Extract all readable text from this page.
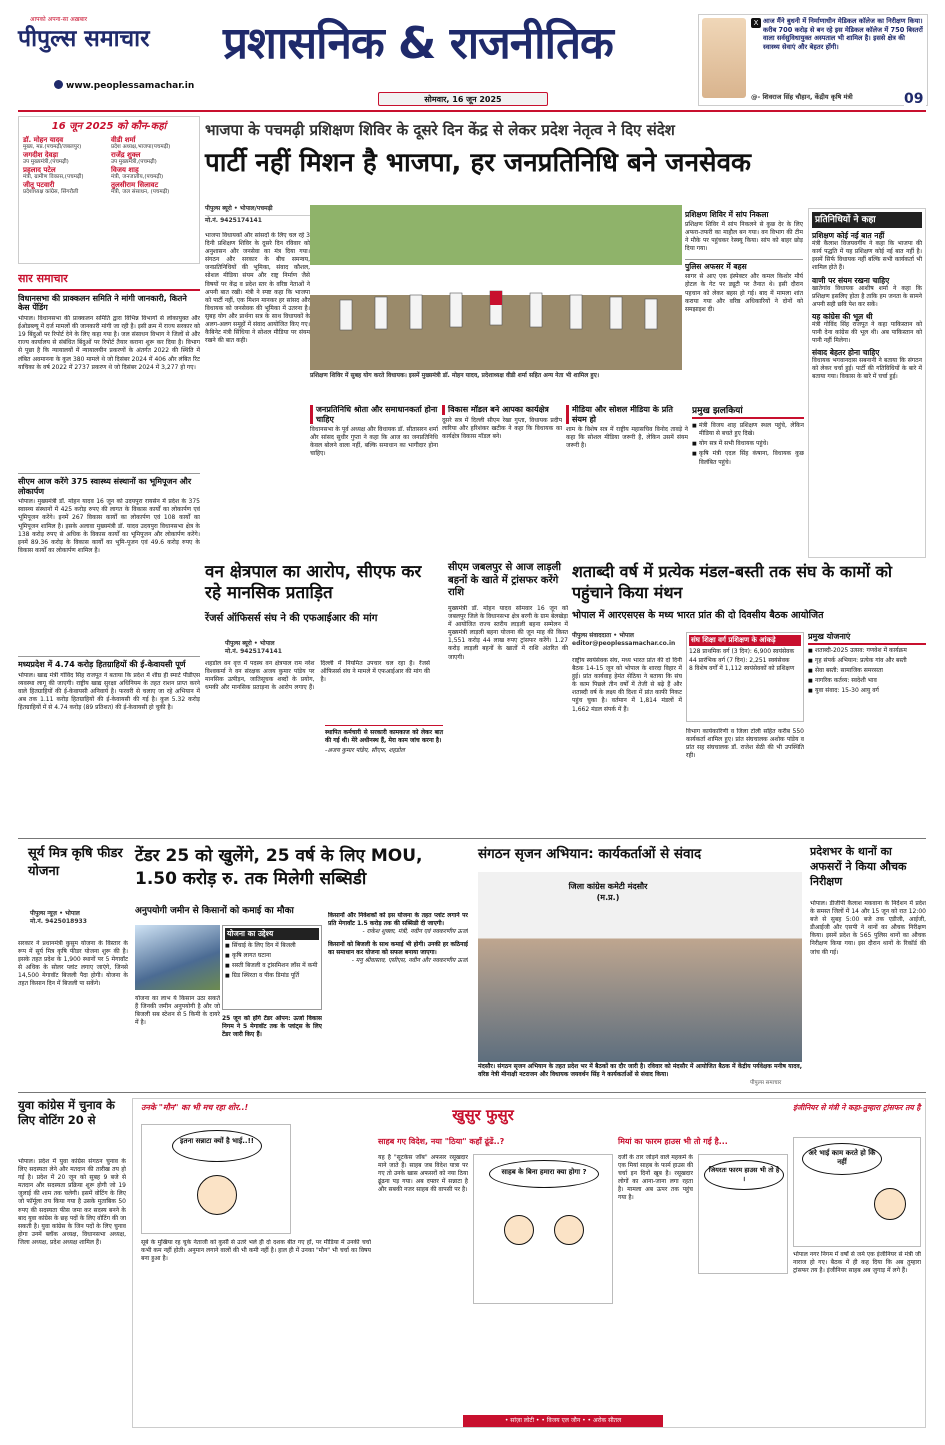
आपको अपना-सा अख़बार
पीपुल्स समाचार
www.peoplessamachar.in
प्रशासनिक & राजनीतिक
सोमवार, 16 जून 2025
X आज मैंने बुधनी में निर्माणाधीन मेडिकल कॉलेज का निरीक्षण किया। करीब 700 करोड़ से बन रहे इस मेडिकल कॉलेज में 750 बिस्तरों वाला सर्वसुविधायुक्त अस्पताल भी शामिल है। इससे क्षेत्र की स्वास्थ्य सेवाएं और बेहतर होंगी।
@- शिवराज सिंह चौहान, केंद्रीय कृषि मंत्री	09
16 जून 2025 को कौन-कहां
डॉ. मोहन यादव
मुख्य, मप्र.(पचमढ़ी/जबलपुर)
वीडी शर्मा
प्रदेश अध्यक्ष,भाजपा(पचमढ़ी)
जगदीश देवड़ा
उप मुख्यमंत्री,(पचमढ़ी)
राजेंद्र शुक्ल
उप मुख्यमंत्री,(पचमढ़ी)
प्रहलाद पटेल
मंत्री, ग्रामीण विकास,(पचमढ़ी)
विजय शाह
मंत्री, जनजातीय,(पचमढ़ी)
जीतू पटवारी
प्रदेशाध्यक्ष कांग्रेस, सिंगरौली
तुलसीराम सिलावट
मंत्री, जल संसाधन, (पचमढ़ी)
सार समाचार
विधानसभा की प्राक्कलन समिति ने मांगी जानकारी, कितने केस पेंडिंग
भोपाल। विधानसभा की प्राक्कलन समिति द्वारा विभिन्न विभागों से लोकायुक्त और ईओडब्ल्यू में दर्ज मामलों की जानकारी मांगी जा रही है। इसी क्रम में राज्य सरकार को 19 बिंदुओं पर रिपोर्ट देने के लिए कहा गया है। जल संसाधन विभाग ने जिलों से और राज्य कार्यालय से संबंधित बिंदुओं पर रिपोर्ट तैयार कराना शुरू कर दिया है। विभाग से पूछा है कि न्यायालयों में न्यायालयीन प्रकरणों के अंतर्गत 2022 की स्थिति में लंबित अवमानना के कुल 380 मामले थे जो दिसंबर 2024 में 406 और लंबित रिट याचिका के वर्ष 2022 में 2737 प्रकरण थे जो दिसंबर 2024 में 3,277 हो गए।
सीएम आज करेंगे 375 स्वास्थ्य संस्थानों का भूमिपूजन और लोकार्पण
भोपाल। मुख्यमंत्री डॉ. मोहन यादव 16 जून को उदयपुरा रायसेन में प्रदेश के 375 स्वास्थ्य संस्थानों में 425 करोड़ रुपए की लागत के विकास कार्यों का लोकार्पण एवं भूमिपूजन करेंगे। इनमें 267 विकास कार्यों का लोकार्पण एवं 108 कार्यों का भूमिपूजन शामिल है। इसके अलावा मुख्यमंत्री डॉ. यादव उदयपुरा विधानसभा क्षेत्र के 138 करोड़ रुपए से अधिक के विकास कार्यों का भूमिपूजन और लोकार्पण करेंगे। इनमें 89.36 करोड़ के विकास कार्यों का भूमि-पूजन एवं 49.6 करोड़ रुपए के विकास कार्यों का लोकार्पण शामिल है।
मध्यप्रदेश में 4.74 करोड़ हितग्राहियों की ई-केवायसी पूर्ण
भोपाल। खाद्य मंत्री गोविंद सिंह राजपूत ने बताया कि प्रदेश में शीघ्र ही स्मार्ट पीडीएस व्यवस्था लागू की जाएगी। राष्ट्रीय खाद्य सुरक्षा अधिनियम के तहत राशन प्राप्त करने वाले हितग्राहियों की ई-केवायसी अनिवार्य है। फरवरी से चलाए जा रहे अभियान में अब तक 1.11 करोड़ हितग्राहियों की ई-केवायसी की गई है। कुल 5.32 करोड़ हितग्राहियों में से 4.74 करोड़ (89 प्रतिशत) की ई-केवायसी हो चुकी है।
भाजपा के पचमढ़ी प्रशिक्षण शिविर के दूसरे दिन केंद्र से लेकर प्रदेश नेतृत्व ने दिए संदेश
पार्टी नहीं मिशन है भाजपा, हर जनप्रतिनिधि बने जनसेवक
पीपुल्स ब्यूरो • भोपाल/पचमढ़ी
मो.नं. 9425174141
भाजपा विधायकों और सांसदों के लिए चल रहे 3 दिनी प्रशिक्षण शिविर के दूसरे दिन रविवार को अनुशासन और जनसेवा का मंत्र दिया गया। संगठन और सरकार के बीच समन्वय, जनप्रतिनिधियों की भूमिका, संवाद कौशल, सोशल मीडिया संयम और राष्ट्र निर्माण जैसे विषयों पर केंद्र व प्रदेश स्तर के वरिष्ठ नेताओं ने अपनी बात रखी। मंत्री ने स्पष्ट कहा कि भाजपा को पार्टी नहीं, एक मिशन मानकर हर सांसद और विधायक को जनसेवक की भूमिका में उतरना है। सुबह योग और प्रार्थना सत्र के साथ विधायकों के अलग-अलग समूहों में संवाद आयोजित किए गए। कैबिनेट मंत्री सिंधिया ने सोशल मीडिया पर संयम रखने की बात कही।
प्रशिक्षण शिविर में सुबह योग करते विधायक। इसमें मुख्यमंत्री डॉ. मोहन यादव, प्रदेशाध्यक्ष वीडी शर्मा सहित अन्य नेता भी शामिल हुए।
प्रशिक्षण शिविर में सांप निकला
प्रशिक्षण शिविर में सांप निकलने से कुछ देर के लिए अफरा-तफरी का माहौल बन गया। वन विभाग की टीम ने मौके पर पहुंचकर रेस्क्यू किया। सांप को बाहर छोड़ दिया गया।
पुलिस अफसर में बहस
सागर से आए एक इंस्पेक्टर और कमल किशोर मौर्य होटल के गेट पर ड्यूटी पर तैनात थे। इसी दौरान पहचान को लेकर बहस हो गई। बाद में मामला शांत कराया गया और वरिष्ठ अधिकारियों ने दोनों को समझाइश दी।
प्रतिनिधियों ने कहा
प्रशिक्षण कोई नई बात नहीं
मंत्री कैलाश विजयवर्गीय ने कहा कि भाजपा की कार्य पद्धति में यह प्रशिक्षण कोई नई बात नहीं है। इसमें सिर्फ विधायक नहीं बल्कि सभी कार्यकर्ता भी शामिल होते हैं।
वाणी पर संयम रखना चाहिए
खातेगांव विधायक आशीष शर्मा ने कहा कि प्रशिक्षण इसलिए होता है ताकि हम जनता के सामने अपनी सही छवि पेश कर सकें।
यह कांग्रेस की भूल थी
मंत्री गोविंद सिंह राजपूत ने कहा पाकिस्तान को पानी देना कांग्रेस की भूल थी। अब पाकिस्तान को पानी नहीं मिलेगा।
संवाद बेहतर होना चाहिए
विधायक भगवानदास सबनानी ने बताया कि संगठन को लेकर चर्चा हुई। पार्टी की गतिविधियों के बारे में बताया गया। विकास के बारे में चर्चा हुई।
जनप्रतिनिधि श्रोता और समाधानकर्ता होना चाहिए
विधानसभा के पूर्व अध्यक्ष और विधायक डॉ. सीतासरन शर्मा और सांसद सुधीर गुप्ता ने कहा कि आज का जनप्रतिनिधि केवल बोलने वाला नहीं, बल्कि समाधान का भागीदार होना चाहिए।
विकास मॉडल बने आपका कार्यक्षेत्र
दूसरे सत्र में दिल्ली सीएम रेखा गुप्ता, विधायक प्रदीप लारिया और हरिशंकर खटीक ने कहा कि विधायक का कार्यक्षेत्र विकास मॉडल बने।
मीडिया और सोशल मीडिया के प्रति संयम हो
शाम के विशेष सत्र में राष्ट्रीय महासचिव विनोद तावड़े ने कहा कि सोशल मीडिया जरूरी है, लेकिन उसमें संयम जरूरी है।
प्रमुख झलकियां
■ मंत्री विजय शाह प्रशिक्षण स्थल पहुंचे, लेकिन मीडिया से बचते हुए दिखे।
■ योग सत्र में सभी विधायक पहुंचे।
■ कृषि मंत्री एदल सिंह कंषाना, विधायक कुछ विलंबित पहुंचे।
वन क्षेत्रपाल का आरोप, सीएफ कर रहे मानसिक प्रताड़ित
रेंजर्स ऑफिसर्स संघ ने की एफआईआर की मांग
पीपुल्स ब्यूरो • भोपाल
मो.नं. 9425174141
शहडोल वन वृत्त में पदस्थ वन क्षेत्रपाल राम नरेश विश्वकर्मा ने वन संरक्षक अजय कुमार पांडेय पर मानसिक उत्पीड़न, जातिसूचक शब्दों के प्रयोग, धमकी और मानसिक प्रताड़ना के आरोप लगाए हैं। दिल्ली में नियमित उपचार चल रहा है। रेंजर्स ऑफिसर्स संघ ने मामले में एफआईआर की मांग की है।
स्थापित कर्मचारी से सरकारी कामकाज को लेकर बात की गई थी। मेरे अधीनस्थ हैं, मेरा काम जांच करना है।
-अजय कुमार पांडेय, सीएफ, शहडोल
सीएम जबलपुर से आज लाड़ली बहनों के खाते में ट्रांसफर करेंगे राशि
मुख्यमंत्री डॉ. मोहन यादव सोमवार 16 जून को जबलपुर जिले के विधानसभा क्षेत्र बरगी के ग्राम बेलखेड़ा में आयोजित राज्य स्तरीय लाड़ली बहना सम्मेलन में मुख्यमंत्री लाड़ली बहना योजना की जून माह की किस्त 1,551 करोड़ 44 लाख रुपए ट्रांसफर करेंगे। 1.27 करोड़ लाड़ली बहनों के खातों में राशि अंतरित की जाएगी।
शताब्दी वर्ष में प्रत्येक मंडल-बस्ती तक संघ के कामों को पहुंचाने किया मंथन
भोपाल में आरएसएस के मध्य भारत प्रांत की दो दिवसीय बैठक आयोजित
पीपुल्स संवाददाता • भोपाल
editor@peoplessamachar.co.in
राष्ट्रीय स्वयंसेवक संघ, मध्य भारत प्रांत की दो दिनी बैठक 14-15 जून को भोपाल के शारदा विहार में हुई। प्रांत कार्यवाह हेमंत सेठिया ने बताया कि संघ के काम पिछले तीन वर्षों में तेजी से बढ़े हैं और शताब्दी वर्ष के लक्ष्य की दिशा में प्रांत काफी निकट पहुंच चुका है। वर्तमान में 1,814 मंडलों में 1,662 मंडल संपर्क में हैं।
संघ शिक्षा वर्ग प्रशिक्षण के आंकड़े
128 प्राथमिक वर्ग (3 दिन): 6,900 स्वयंसेवक
44 प्रारंभिक वर्ग (7 दिन): 2,251 स्वयंसेवक
8 विशेष वर्गों में 1,112 स्वयंसेवकों को प्रशिक्षण
विभाग कार्यकारिणी व जिला टोली सहित करीब 550 कार्यकर्ता शामिल हुए। प्रांत संघचालक अशोक पांडेय व प्रांत सह संघचालक डॉ. राजेश सेठी की भी उपस्थिति रही।
प्रमुख योजनाएं
■ शताब्दी-2025 उत्सव: गणवेश में कार्यक्रम
■ गृह संपर्क अभियान: प्रत्येक गांव और बस्ती
■ सेवा बस्ती: सामाजिक समरसता
■ नागरिक कर्तव्य: स्वदेशी भाव
■ युवा संवाद: 15-30 आयु वर्ग
सूर्य मित्र कृषि फीडर योजना
पीपुल्स न्यूज़ • भोपाल
मो.नं. 9425018933
सरकार ने प्रधानमंत्री कुसुम योजना के विस्तार के रूप में सूर्य मित्र कृषि फीडर योजना शुरू की है। इसके तहत प्रदेश के 1,900 स्थानों पर 5 मेगावॉट से अधिक के सोलर प्लांट लगाए जाएंगे, जिनसे 14,500 मेगावॉट बिजली पैदा होगी। योजना के तहत किसान दिन में बिजली पा सकेंगे।
टेंडर 25 को खुलेंगे, 25 वर्ष के लिए MOU, 1.50 करोड़ रु. तक मिलेगी सब्सिडी
अनुपयोगी जमीन से किसानों को कमाई का मौका
योजना का उद्देश्य
■ सिंचाई के लिए दिन में बिजली
■ कृषि लागत घटाना
■ सस्ती बिजली व ट्रांसमिशन लॉस में कमी
■ ग्रिड स्थिरता व पीक डिमांड पूर्ति
योजना का लाभ ये किसान उठा सकते हैं जिनकी जमीन अनुपयोगी है और जो बिजली सब स्टेशन से 5 किमी के दायरे में है।
25 जून को होंगे टेंडर ओपन: ऊर्जा विकास निगम ने 5 मेगावॉट तक के प्लांट्स के लिए टेंडर जारी किए हैं।
किसानों और निवेशकों को इस योजना के तहत प्लांट लगाने पर प्रति मेगावॉट 1.5 करोड़ तक की सब्सिडी दी जाएगी।
- राकेश शुक्ला, मंत्री, नवीन एवं नवकरणीय ऊर्जा
किसानों को बिजली के साथ कमाई भी होगी। उनकी हर कठिनाई का समाधान कर योजना को सफल बनाया जाएगा।
- मनु श्रीवास्तव, एसीएस, नवीन और नवकरणीय ऊर्जा
संगठन सृजन अभियान: कार्यकर्ताओं से संवाद
जिला कांग्रेस कमेटी मंदसौर (म.प्र.)
मंदसौर। संगठन सृजन अभियान के तहत प्रदेश भर में बैठकों का दौर जारी है। रविवार को मंदसौर में आयोजित बैठक में केंद्रीय पर्यवेक्षक मनीष यादव, वरिष्ठ नेत्री मीनाक्षी नटराजन और विधायक जयवर्धन सिंह ने कार्यकर्ताओं से संवाद किया।
पीपुल्स समाचार
प्रदेशभर के थानों का अफसरों ने किया औचक निरीक्षण
भोपाल। डीजीपी कैलाश मकवाना के निर्देशन में प्रदेश के समस्त जिलों में 14 और 15 जून को रात 12:00 बजे से सुबह 5:00 बजे तक एडीजी, आईजी, डीआईजी और एसपी ने थानों का औचक निरीक्षण किया। इसमें प्रदेश के 565 पुलिस थानों का औचक निरीक्षण किया गया। इस दौरान थानों के रिकॉर्ड की जांच की गई।
युवा कांग्रेस में चुनाव के लिए वोटिंग 20 से
भोपाल। प्रदेश में युवा कांग्रेस संगठन चुनाव के लिए सदस्यता लेने और मतदान की तारीख तय हो गई है। प्रदेश में 20 जून को सुबह 9 बजे से मतदान और सदस्यता प्रक्रिया शुरू होगी जो 19 जुलाई की शाम तक चलेगी। इसमें वोटिंग के लिए जो फॉर्मूला तय किया गया है उसके मुताबिक 50 रुपए की सदस्यता फीस जमा कर सदस्य बनने के बाद युवा कांग्रेस के छह पदों के लिए वोटिंग की जा सकती है। युवा कांग्रेस के जिन पदों के लिए चुनाव होगा उनमें ब्लॉक अध्यक्ष, विधानसभा अध्यक्ष, जिला अध्यक्ष, प्रदेश अध्यक्ष शामिल हैं।
खुसुर फुसुर
उनके "मौन" का भी मच रहा शोर..!
इतना सन्नाटा क्यों है भाई..!!
सूबे के मुखिया रह चुके नेताजी को कुर्सी से उतरे भले ही दो दशक बीत गए हों, पर मीडिया में उनकी चर्चा कभी कम नहीं होती। अनुमान लगाने वालों की भी कमी नहीं है। हाल ही में उनका "मौन" भी चर्चा का विषय बना हुआ है।
साहब गए विदेश, नया "ठिया" कहाँ ढूंढें..?
यह है "सूटकेस जॉब" अफसर रसूखदार माने जाते हैं। साहब जब विदेश यात्रा पर गए तो उनके खास अफसरों को नया ठिया ढूंढना पड़ गया। अब दफ्तर में सन्नाटा है और सबकी नजर साहब की वापसी पर है।
साहब के बिना हमारा क्या होगा ?
मियां का फारम हाउस भी तो गई है...
दर्जी के तार जोड़ने वाले महकमे के एक मियां साहब के फार्म हाउस की चर्चा इन दिनों खूब है। रसूखदार लोगों का आना-जाना लगा रहता है। मामला अब ऊपर तक पहुंच गया है।
जियरतः फारम हाउस भी तो है ।
इंजीनियर से मंत्री ने कहा-तुम्हारा ट्रांसफर तय है
अरे भाई काम करते हो कि नहीं
भोपाल नगर निगम में वर्षों से जमे एक इंजीनियर से मंत्री जी नाराज हो गए। बैठक में ही कह दिया कि अब तुम्हारा ट्रांसफर तय है। इंजीनियर साहब अब जुगाड़ में लगे हैं।
• सांज़ा लोटी • • विजय एल जौन • • अरोक सीतल
